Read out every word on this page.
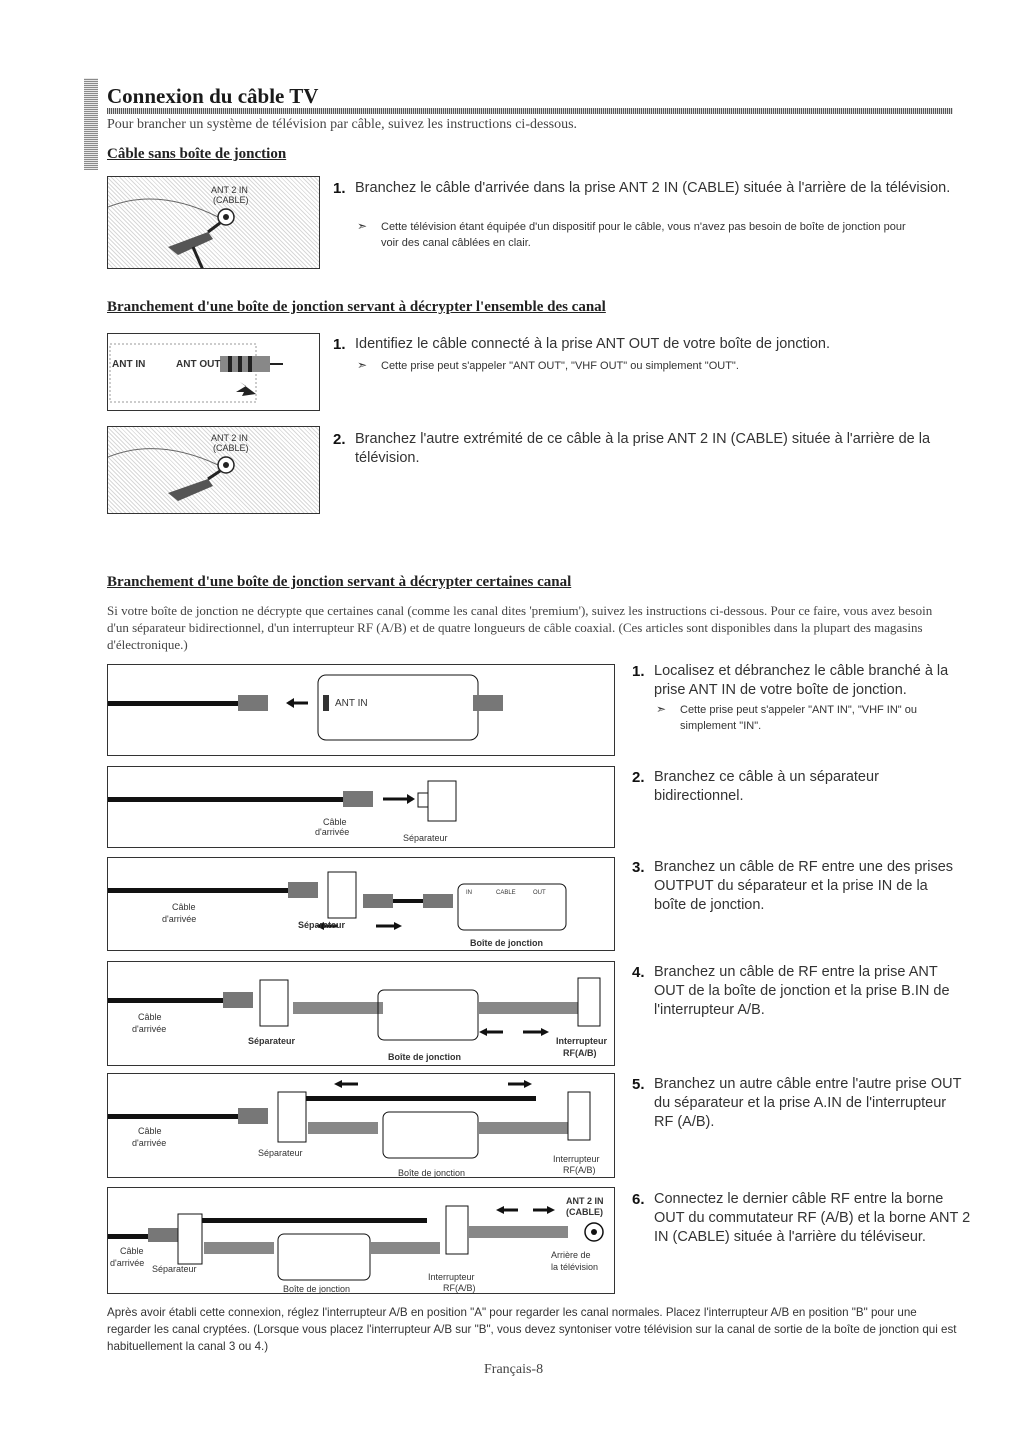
Connexion du câble TV
Pour brancher un système de télévision par câble, suivez les instructions ci-dessous.
Câble sans boîte de jonction
ANT 2 IN
(CABLE)
1. Branchez le câble d'arrivée dans la prise ANT 2 IN (CABLE) située à l'arrière de la télévision.
➣ Cette télévision étant équipée d'un dispositif pour le câble, vous n'avez pas besoin de boîte de jonction pour voir des canal câblées en clair.
Branchement d'une boîte de jonction servant à décrypter l'ensemble des canal
ANT IN	ANT OUT
1. Identifiez le câble connecté à la prise ANT OUT de votre boîte de jonction.
➣ Cette prise peut s'appeler "ANT OUT", "VHF OUT" ou simplement "OUT".
ANT 2 IN
(CABLE)	2. Branchez l'autre extrémité de ce câble à la prise ANT 2 IN (CABLE) située à l'arrière de la télévision.
Branchement d'une boîte de jonction servant à décrypter certaines canal
Si votre boîte de jonction ne décrypte que certaines canal (comme les canal dites 'premium'), suivez les instructions ci-dessous. Pour ce faire, vous avez besoin d'un séparateur bidirectionnel, d'un interrupteur RF (A/B) et de quatre longueurs de câble coaxial. (Ces articles sont disponibles dans la plupart des magasins d'électronique.)
ANT IN
1. Localisez et débranchez le câble branché à la prise ANT IN de votre boîte de jonction.
➣ Cette prise peut s'appeler "ANT IN", "VHF IN" ou simplement "IN".
Câble
d'arrivée
Séparateur
2. Branchez ce câble à un séparateur bidirectionnel.
Câble
d'arrivée
Séparateur
Boîte de jonction
IN	CABLE	OUT
3. Branchez un câble de RF entre une des prises OUTPUT du séparateur et la prise IN de la boîte de jonction.
Câble
d'arrivée
Séparateur
Boîte de jonction
Interrupteur
RF(A/B)
4. Branchez un câble de RF entre la prise ANT OUT de la boîte de jonction et la prise B.IN de l'interrupteur A/B.
Câble
d'arrivée
Séparateur
Boîte de jonction
Interrupteur
RF(A/B)
5. Branchez un autre câble entre l'autre prise OUT du séparateur et la prise A.IN de l'interrupteur RF (A/B).
ANT 2 IN
(CABLE)
Câble
d'arrivée
Séparateur
Boîte de jonction
Interrupteur
RF(A/B)
Arrière de
la télévision
6. Connectez le dernier câble RF entre la borne OUT du commutateur RF (A/B) et la borne ANT 2 IN (CABLE) située à l'arrière du téléviseur.
Après avoir établi cette connexion, réglez l'interrupteur A/B en position "A" pour regarder les canal normales. Placez l'interrupteur A/B en position "B" pour une regarder les canal cryptées. (Lorsque vous placez l'interrupteur A/B sur "B", vous devez syntoniser votre télévision sur la canal de sortie de la boîte de jonction qui est habituellement la canal 3 ou 4.)
Français-8
